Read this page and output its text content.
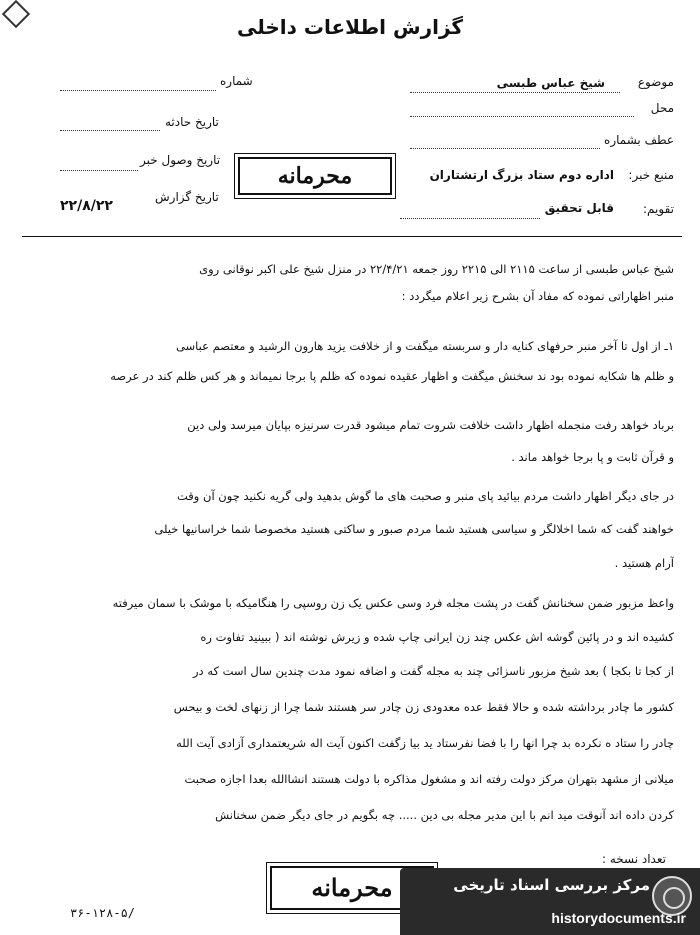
گزارش اطلاعات داخلی
موضوع
شیخ عباس طبسی
محل
عطف بشماره
منبع خبر:
اداره دوم ستاد بزرگ ارتشتاران
تقویم:
قابل تحقیق
شماره
تاریخ حادثه
تاریخ وصول خبر
تاریخ گزارش
۲۲/۸/۲۲
محرمانه
شیخ عباس طبسی از ساعت ۲۱۱۵ الی ۲۲۱۵ روز جمعه ۲۲/۴/۲۱ در منزل شیخ علی اکبر نوقانی روی
منبر اظهاراتی نموده که مفاد آن بشرح زیر اعلام میگردد :
۱ـ از اول تا آخر منبر حرفهای کنایه دار و سربسته میگفت و از خلافت یزید هارون الرشید و معتصم عباسی
و ظلم ها شکایه نموده بود ند سخنش میگفت و اظهار عقیده نموده که ظلم پا برجا نمیماند و هر کس ظلم کند در عرصه
برباد خواهد رفت منجمله اظهار داشت خلافت شروت تمام میشود قدرت سرنیزه بپایان میرسد ولی دین
و قرآن ثابت و پا برجا خواهد ماند .
در جای دیگر اظهار داشت مردم بیائید پای منبر و صحبت های ما گوش بدهید ولی گریه نکنید چون آن وقت
خواهند گفت که شما اخلالگر و سیاسی هستید شما مردم صبور و ساکتی هستید مخصوصا شما خراسانیها خیلی
آرام هستید .
واعظ مزبور ضمن سخنانش گفت در پشت مجله فرد وسی عکس یک زن روسپی را هنگامیکه با موشک با سمان میرفته
کشیده اند و در پائین گوشه اش عکس چند زن ایرانی چاپ شده و زیرش نوشته اند ( ببینید تفاوت ره
از کجا تا بکجا ) بعد شیخ مزبور ناسزائی چند به مجله گفت و اضافه نمود مدت چندین سال است که در
کشور ما چادر برداشته شده و حالا فقط عده معدودی زن چادر سر هستند شما چرا از زنهای لخت و بیحس
چادر را ستاد ه نکرده بد چرا انها را با فضا نفرستاد ید بیا زگفت اکنون آیت اله شریعتمداری آزادی آیت الله
میلانی از مشهد بتهران مرکز دولت رفته اند و مشغول مذاکره با دولت هستند انشاالله بعدا اجازه صحبت
کردن داده اند آنوقت مید انم با این مدیر مجله بی دین ..... چه بگویم در جای دیگر ضمن سخنانش
تعداد نسخه :
محرمانه
۳۶-۱۲۸-۵/
مرکز بررسی اسناد تاریخی
historydocuments.ir
